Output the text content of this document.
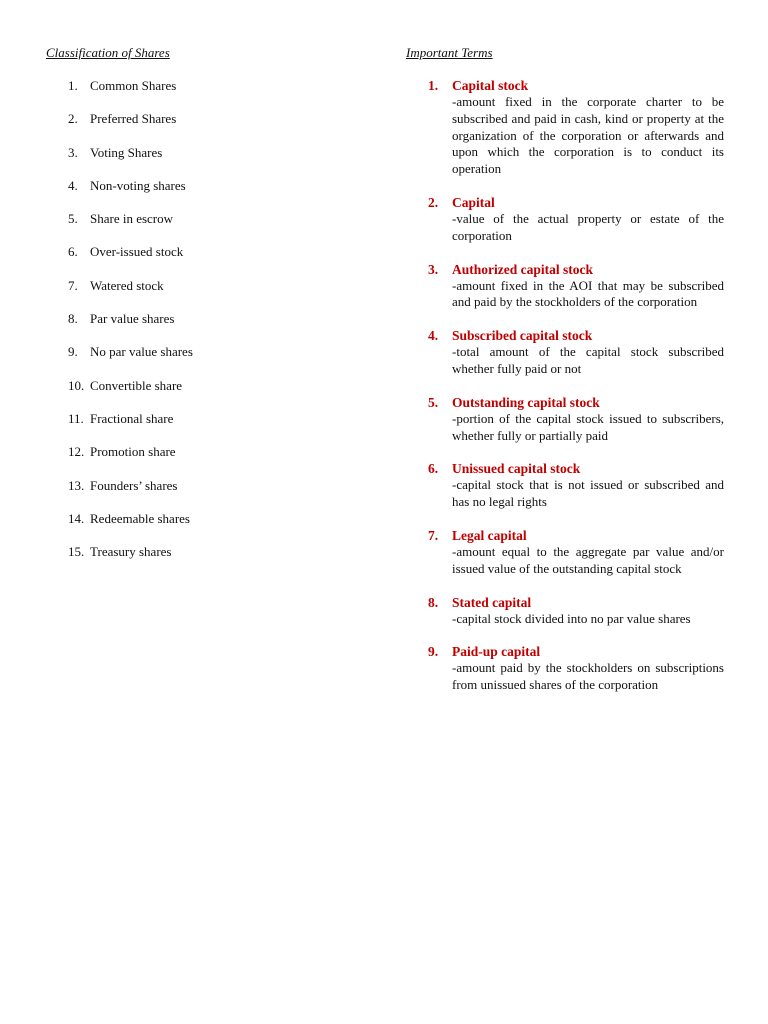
Classification of Shares
1. Common Shares
2. Preferred Shares
3. Voting Shares
4. Non-voting shares
5. Share in escrow
6. Over-issued stock
7. Watered stock
8. Par value shares
9. No par value shares
10. Convertible share
11. Fractional share
12. Promotion share
13. Founders’ shares
14. Redeemable shares
15. Treasury shares
Important Terms
1.	Capital stock
-amount fixed in the corporate charter to be subscribed and paid in cash, kind or property at the organization of the corporation or afterwards and upon which the corporation is to conduct its operation
2.	Capital
-value of the actual property or estate of the corporation
3.	Authorized capital stock
-amount fixed in the AOI that may be subscribed and paid by the stockholders of the corporation
4.	Subscribed capital stock
-total amount of the capital stock subscribed whether fully paid or not
5.	Outstanding capital stock
-portion of the capital stock issued to subscribers, whether fully or partially paid
6.	Unissued capital stock
-capital stock that is not issued or subscribed and has no legal rights
7.	Legal capital
-amount equal to the aggregate par value and/or issued value of the outstanding capital stock
8.	Stated capital
-capital stock divided into no par value shares
9.	Paid-up capital
-amount paid by the stockholders on subscriptions from unissued shares of the corporation
